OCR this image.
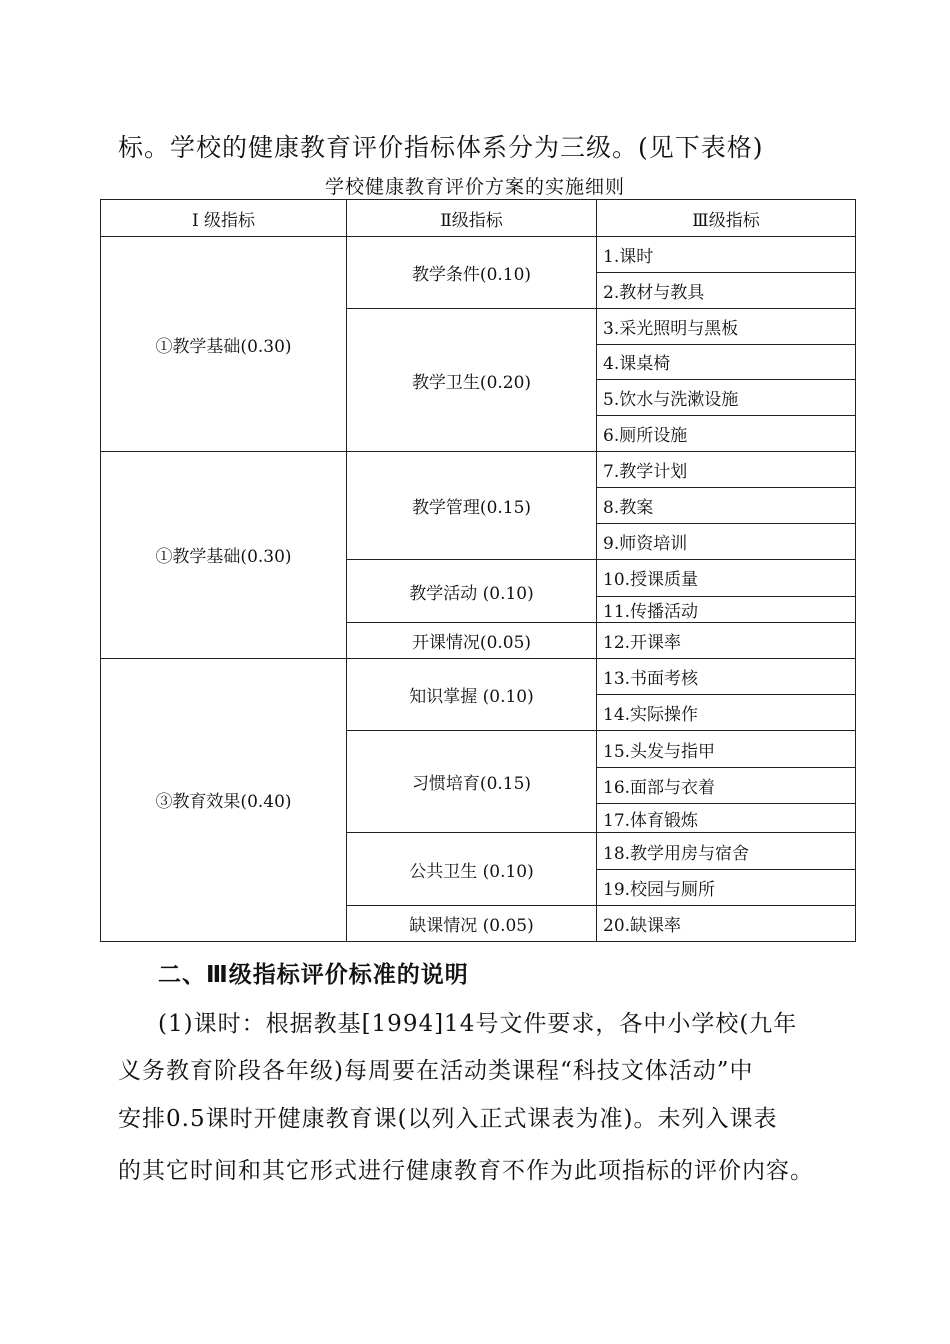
标。学校的健康教育评价指标体系分为三级。(见下表格)
学校健康教育评价方案的实施细则
Ⅰ 级指标	Ⅱ级指标	Ⅲ级指标
①教学基础(0.30)	教学条件(0.10)	1.课时
		2.教材与教具
	教学卫生(0.20)	3.采光照明与黑板
		4.课桌椅
		5.饮水与洗漱设施
		6.厕所设施
①教学基础(0.30)	教学管理(0.15)	7.教学计划
		8.教案
		9.师资培训
	教学活动 (0.10)	10.授课质量
		11.传播活动
	开课情况(0.05)	12.开课率
③教育效果(0.40)	知识掌握 (0.10)	13.书面考核
		14.实际操作
	习惯培育(0.15)	15.头发与指甲
		16.面部与衣着
		17.体育锻炼
	公共卫生 (0.10)	18.教学用房与宿舍
		19.校园与厕所
	缺课情况 (0.05)	20.缺课率
二、Ⅲ级指标评价标准的说明
(1)课时：根据教基[1994]14号文件要求，各中小学校(九年
义务教育阶段各年级)每周要在活动类课程“科技文体活动”中
安排0.5课时开健康教育课(以列入正式课表为准)。未列入课表
的其它时间和其它形式进行健康教育不作为此项指标的评价内容。
